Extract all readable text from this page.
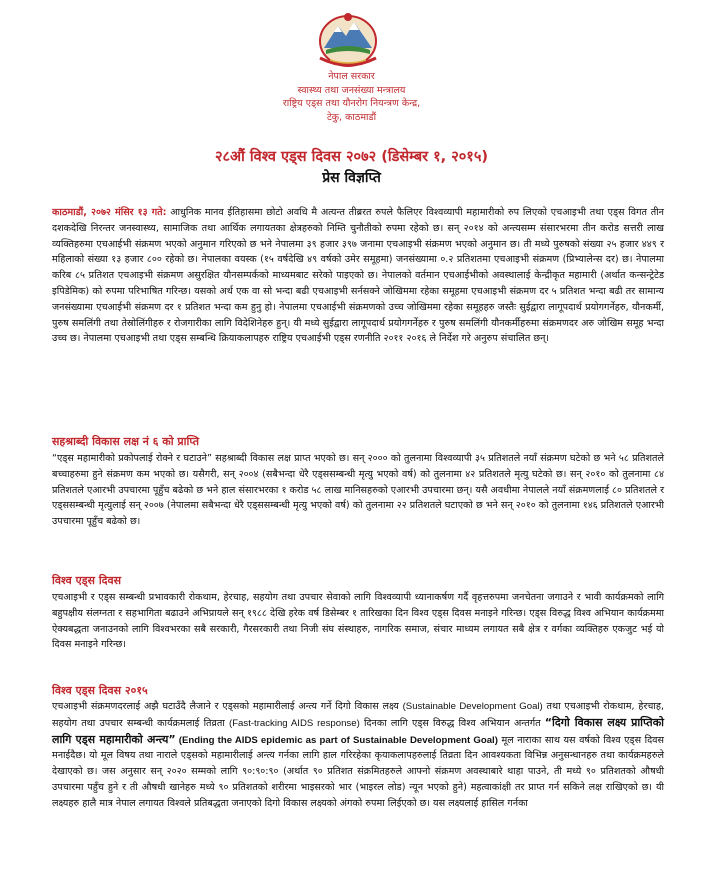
नेपाल सरकार
स्वास्थ्य तथा जनसंख्या मन्त्रालय
राष्ट्रिय एड्स तथा यौनरोग नियन्त्रण केन्द्र,
टेकु, काठमाडौं
२८औं विश्व एड्स दिवस २०७२ (डिसेम्बर १, २०१५)
प्रेस विज्ञप्ति
काठमाडौं, २०७२ मंसिर १३ गते: आधुनिक मानव ईतिहासमा छोटो अवधि मै अत्यन्त तीब्ररत रुपले फैलिएर विश्वव्यापी महामारीको रुप लिएको एचआइभी तथा एड्स विगत तीन दशकदेखि निरन्तर जनस्वास्थ्य, सामाजिक तथा आर्थिक लगायतका क्षेत्रहरुको निम्ति चुनौतीको रुपमा रहेको छ। सन् २०१४ को अन्त्यसम्म संसारभरमा तीन करोड सत्तरी लाख व्यक्तिहरुमा एचआईभी संक्रमण भएको अनुमान गरिएको छ भने नेपालमा ३९ हजार ३९७ जनामा एचआइभी संक्रमण भएको अनुमान छ। ती मध्ये पुरुषको संख्या २५ हजार ४४९ र महिलाको संख्या १३ हजार ८०० रहेको छ। नेपालका वयस्क (१५ वर्षदेखि ४९ वर्षको उमेर समूहमा) जनसंख्यामा ०.२ प्रतिशतमा एचआइभी संक्रमण (प्रिभ्यालेन्स दर) छ। नेपालमा करिब ८५ प्रतिशत एचआइभी संक्रमण असुरक्षित यौनसम्पर्कको माध्यमबाट सरेको पाइएको छ। नेपालको वर्तमान एचआईभीको अवस्थालाई केन्द्रीकृत महामारी (अर्थात कन्सन्ट्रेटेड इपिडेमिक) को रुपमा परिभाषित गरिन्छ। यसको अर्थ एक वा सो भन्दा बढी एचआइभी सर्नसक्ने जोखिममा रहेका समूहमा एचआइभी संक्रमण दर ५ प्रतिशत भन्दा बढी तर सामान्य जनसंख्यामा एचआईभी संक्रमण दर १ प्रतिशत भन्दा कम हुनु हो। नेपालमा एचआईभी संक्रमणको उच्च जोखिममा रहेका समूहहरु जस्तैः सुईद्वारा लागूपदार्थ प्रयोगगर्नेहरु, यौनकर्मी, पुरुष समलिंगी तथा तेस्रोलिंगीहरु र रोजगारीका लागि विदेशिनेहरु हुन्। यी मध्ये सुईद्वारा लागूपदार्थ प्रयोगगर्नेहरु र पुरुष समलिंगी यौनकर्मीहरुमा संक्रमणदर अरु जोखिम समूह भन्दा उच्च छ। नेपालमा एचआइभी तथा एड्स सम्बन्धि क्रियाकलापहरु राष्ट्रिय एचआईभी एड्स रणनीति २०११ २०१६ ले निर्देश गरे अनुरुप संचालित छन्।
सहश्राब्दी विकास लक्ष नं ६ को प्राप्ति
“एड्स महामारीको प्रकोपलाई रोक्ने र घटाउने” सहश्राब्दी विकास लक्ष प्राप्त भएको छ। सन् २००० को तुलनामा विश्वव्यापी ३५ प्रतिशतले नयाँ संक्रमण घटेको छ भने ५८ प्रतिशतले बच्चाहरुमा हुने संक्रमण कम भएको छ। यसैगरी, सन् २००४ (सबैभन्दा धेरै एड्ससम्बन्धी मृत्यु भएको वर्ष) को तुलनामा ४२ प्रतिशतले मृत्यु घटेको छ। सन् २०१० को तुलनामा ८४ प्रतिशतले एआरभी उपचारमा पूहुँच बढेको छ भने हाल संसारभरका १ करोड ५८ लाख मानिसहरुको एआरभी उपचारमा छन्। यसै अवधीमा नेपालले नयाँ संक्रमणलाई ८० प्रतिशतले र एड्ससम्बन्धी मृत्युलाई सन् २००७ (नेपालमा सबैभन्दा धेरै एड्ससम्बन्धी मृत्यु भएको वर्ष) को तुलनामा २२ प्रतिशतले घटाएको छ भने सन् २०१० को तुलनामा १४६ प्रतिशतले एआरभी उपचारमा पूहुँच बढेको छ।
विश्व एड्स दिवस
एचआइभी र एड्स सम्बन्धी प्रभावकारी रोकथाम, हेरचाह, सहयोग तथा उपचार सेवाको लागि विश्वव्यापी ध्यानाकर्षण गर्दै वृहत्तरुपमा जनचेतना जगाउने र भावी कार्यक्रमको लागि बहुपक्षीय संलग्नता र सहभागिता बढाउने अभिप्रायले सन् १९८८ देखि हरेक वर्ष डिसेम्बर १ तारिखका दिन विश्व एड्स दिवस मनाइने गरिन्छ। एड्स विरुद्ध विश्व अभियान कार्यक्रममा ऐक्यबद्धता जनाउनको लागि विश्वभरका सबै सरकारी, गैरसरकारी तथा निजी संघ संस्थाहरु, नागरिक समाज, संचार माध्यम लगायत सबै क्षेत्र र वर्गका व्यक्तिहरु एकजुट भई यो दिवस मनाइने गरिन्छ।
विश्व एड्स दिवस २०१५
एचआइभी संक्रमणदरलाई अझै घटाउँदै लैजाने र एड्सको महामारीलाई अन्त्य गर्ने दिगो विकास लक्ष्य (Sustainable Development Goal) तथा एचआइभी रोकथाम, हेरचाह, सहयोग तथा उपचार सम्बन्धी कार्यक्रमलाई तिव्रता (Fast-tracking AIDS response) दिनका लागि एड्स विरुद्ध विश्व अभियान अन्तर्गत “दिगो विकास लक्ष्य प्राप्तिको लागि एड्स महामारीको अन्त्य” (Ending the AIDS epidemic as part of Sustainable Development Goal) मूल नाराका साथ यस वर्षको विश्व एड्स दिवस मनाईदैछ। यो मूल विषय तथा नाराले एड्सको महामारीलाई अन्त्य गर्नका लागि हाल गरिरहेका कृयाकलापहरुलाई तिव्रता दिन आवश्यकता विभिन्न अनुसन्धानहरु तथा कार्यक्रमहरुले देखाएको छ। जस अनुसार सन् २०२० सम्मको लागि ९०:९०:९० (अर्थात ९० प्रतिशत संक्रमितहरुले आफ्नो संक्रमण अवस्थाबारे थाहा पाउने, ती मध्ये ९० प्रतिशतको औषधी उपचारमा पहुँच हुने र ती औषधी खानेहरु मध्ये ९० प्रतिशतको शरीरमा भाइसरको भार (भाइरल लोड) न्यून भएको हुने) महत्वाकांक्षी तर प्राप्त गर्न सकिने लक्ष राखिएको छ। यी लक्ष्यहरु हालै मात्र नेपाल लगायत विश्वले प्रतिबद्धता जनाएको दिगो विकास लक्ष्यको अंगको रुपमा लिईएको छ। यस लक्ष्यलाई हासिल गर्नका
